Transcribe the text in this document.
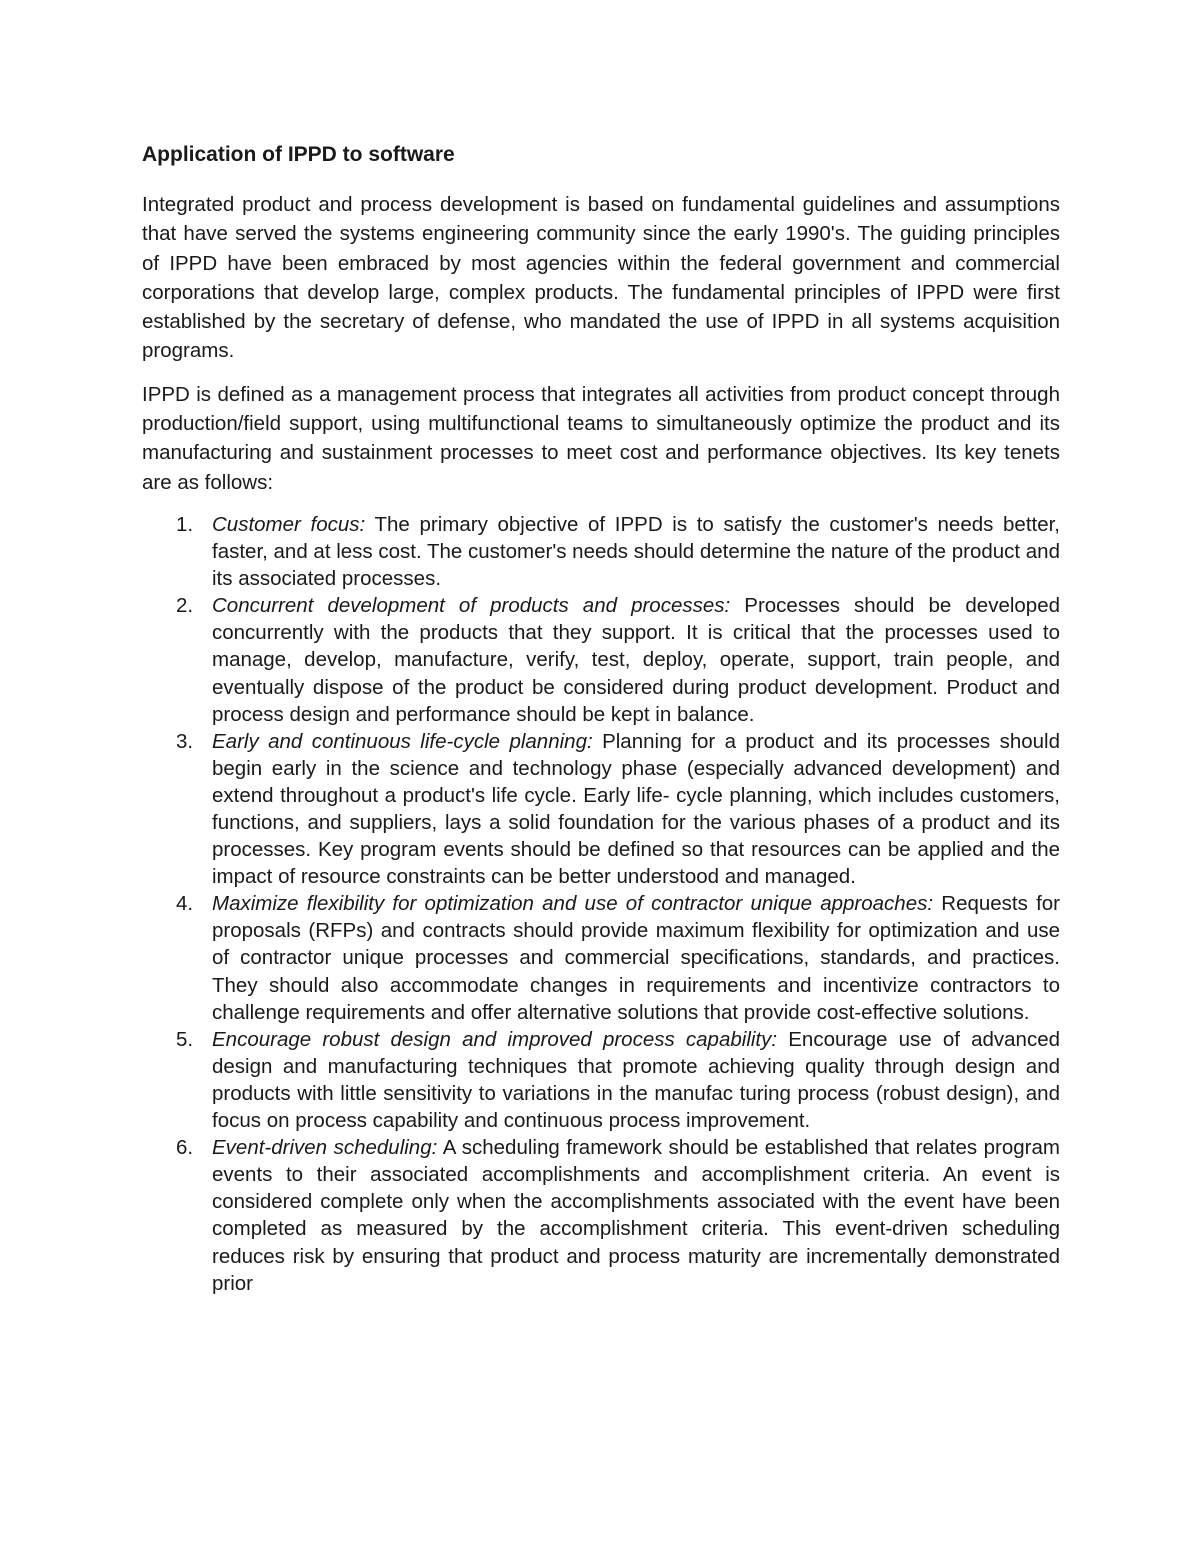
Application of IPPD to software

Integrated product and process development is based on fundamental guidelines and assumptions that have served the systems engineering community since the early 1990's. The guiding principles of IPPD have been embraced by most agencies within the federal government and commercial corporations that develop large, complex products. The fundamental principles of IPPD were first established by the secretary of defense, who mandated the use of IPPD in all systems acquisition programs.

IPPD is defined as a management process that integrates all activities from product concept through production/field support, using multifunctional teams to simultaneously optimize the product and its manufacturing and sustainment processes to meet cost and performance objectives. Its key tenets are as follows:

1. Customer focus: The primary objective of IPPD is to satisfy the customer's needs better, faster, and at less cost. The customer's needs should determine the nature of the product and its associated processes.
2. Concurrent development of products and processes: Processes should be developed concurrently with the products that they support. It is critical that the processes used to manage, develop, manufacture, verify, test, deploy, operate, support, train people, and eventually dispose of the product be considered during product development. Product and process design and performance should be kept in balance.
3. Early and continuous life-cycle planning: Planning for a product and its processes should begin early in the science and technology phase (especially advanced development) and extend throughout a product's life cycle. Early life- cycle planning, which includes customers, functions, and suppliers, lays a solid foundation for the various phases of a product and its processes. Key program events should be defined so that resources can be applied and the impact of resource constraints can be better understood and managed.
4. Maximize flexibility for optimization and use of contractor unique approaches: Requests for proposals (RFPs) and contracts should provide maximum flexibility for optimization and use of contractor unique processes and commercial specifications, standards, and practices. They should also accommodate changes in requirements and incentivize contractors to challenge requirements and offer alternative solutions that provide cost-effective solutions.
5. Encourage robust design and improved process capability: Encourage use of advanced design and manufacturing techniques that promote achieving quality through design and products with little sensitivity to variations in the manufac turing process (robust design), and focus on process capability and continuous process improvement.
6. Event-driven scheduling: A scheduling framework should be established that relates program events to their associated accomplishments and accomplishment criteria. An event is considered complete only when the accomplishments associated with the event have been completed as measured by the accomplishment criteria. This event-driven scheduling reduces risk by ensuring that product and process maturity are incrementally demonstrated prior
